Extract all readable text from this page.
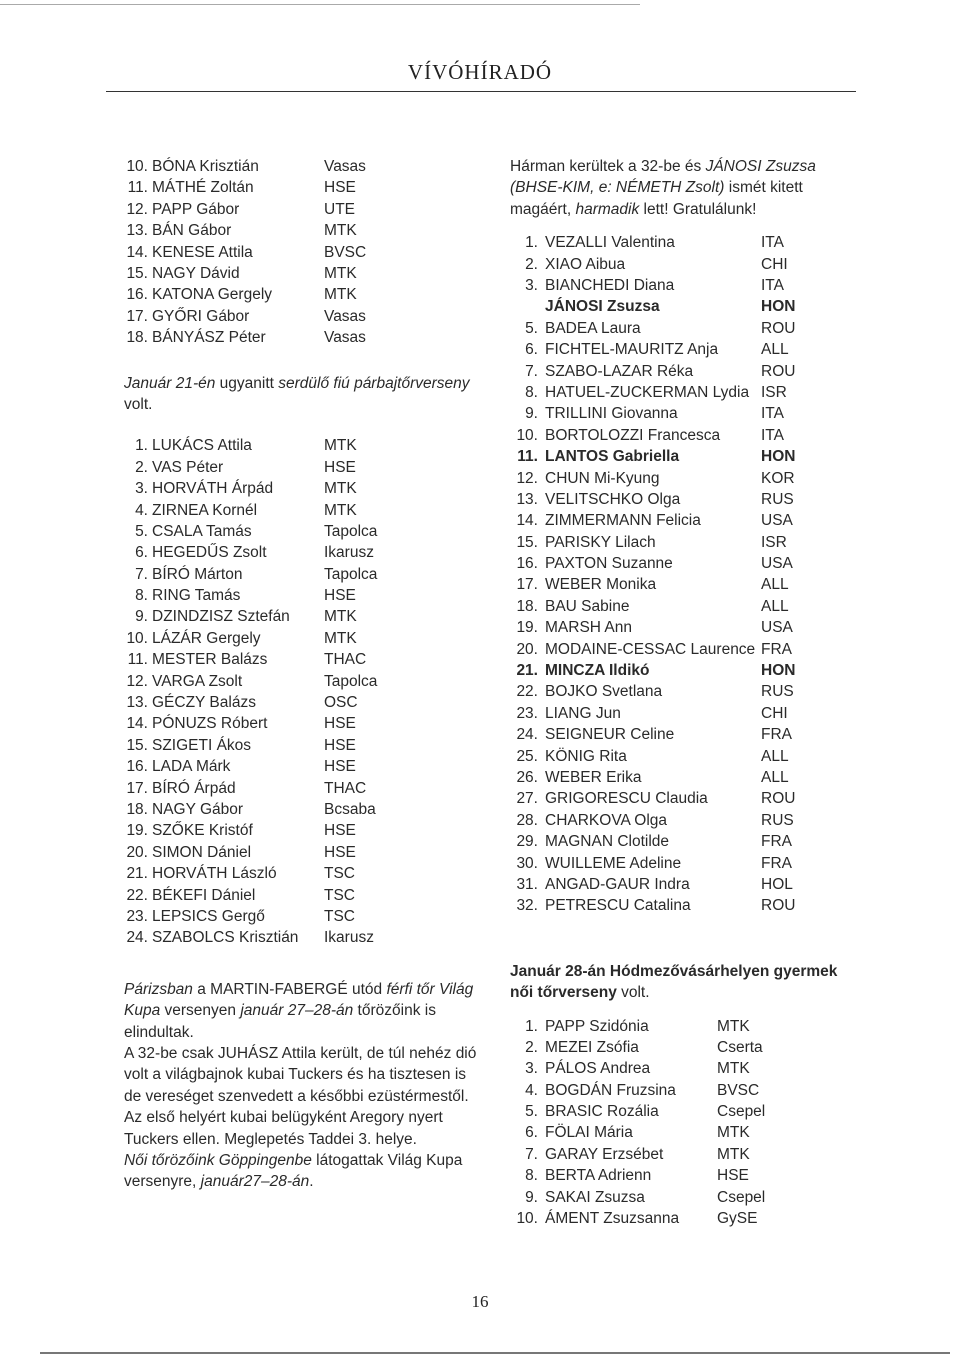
VÍVÓHÍRADÓ
10. BÓNA Krisztián	Vasas
11. MÁTHÉ Zoltán	HSE
12. PAPP Gábor	UTE
13. BÁN Gábor	MTK
14. KENESE Attila	BVSC
15. NAGY Dávid	MTK
16. KATONA Gergely	MTK
17. GYŐRI Gábor	Vasas
18. BÁNYÁSZ Péter	Vasas

Január 21-én ugyanitt serdülő fiú párbajtőrverseny volt.

1. LUKÁCS Attila	MTK
2. VAS Péter	HSE
3. HORVÁTH Árpád	MTK
4. ZIRNEA Kornél	MTK
5. CSALA Tamás	Tapolca
6. HEGEDŰS Zsolt	Ikarusz
7. BÍRÓ Márton	Tapolca
8. RING Tamás	HSE
9. DZINDZISZ Sztefán	MTK
10. LÁZÁR Gergely	MTK
11. MESTER Balázs	THAC
12. VARGA Zsolt	Tapolca
13. GÉCZY Balázs	OSC
14. PÓNUZS Róbert	HSE
15. SZIGETI Ákos	HSE
16. LADA Márk	HSE
17. BÍRÓ Árpád	THAC
18. NAGY Gábor	Bcsaba
19. SZŐKE Kristóf	HSE
20. SIMON Dániel	HSE
21. HORVÁTH László	TSC
22. BÉKEFI Dániel	TSC
23. LEPSICS Gergő	TSC
24. SZABOLCS Krisztián	Ikarusz

Párizsban a MARTIN-FABERGÉ utód férfi tőr Világ Kupa versenyen január 27–28-án tőrözőink is elindultak.

A 32-be csak JUHÁSZ Attila került, de túl nehéz dió volt a világbajnok kubai Tuckers és ha tisztesen is de vereséget szenvedett a későbbi ezüstérmestől.

Az első helyért kubai belügyként Aregory nyert Tuckers ellen. Meglepetés Taddei 3. helye.

Női tőrözőink Göppingenbe látogattak Világ Kupa versenyre, január27–28-án.

Hárman kerültek a 32-be és JÁNOSI Zsuzsa (BHSE-KIM, e: NÉMETH Zsolt) ismét kitett magáért, harmadik lett! Gratulálunk!

1. VEZALLI Valentina	ITA
2. XIAO Aibua	CHI
3. BIANCHEDI Diana	ITA
JÁNOSI Zsuzsa	HON
5. BADEA Laura	ROU
6. FICHTEL-MAURITZ Anja	ALL
7. SZABO-LAZAR Réka	ROU
8. HATUEL-ZUCKERMAN Lydia ISR
9. TRILLINI Giovanna	ITA
10. BORTOLOZZI Francesca	ITA
11. LANTOS Gabriella	HON
12. CHUN Mi-Kyung	KOR
13. VELITSCHKO Olga	RUS
14. ZIMMERMANN Felicia	USA
15. PARISKY Lilach	ISR
16. PAXTON Suzanne	USA
17. WEBER Monika	ALL
18. BAU Sabine	ALL
19. MARSH Ann	USA
20. MODAINE-CESSAC Laurence FRA
21. MINCZA Ildikó	HON
22. BOJKO Svetlana	RUS
23. LIANG Jun	CHI
24. SEIGNEUR Celine	FRA
25. KÖNIG Rita	ALL
26. WEBER Erika	ALL
27. GRIGORESCU Claudia	ROU
28. CHARKOVA Olga	RUS
29. MAGNAN Clotilde	FRA
30. WUILLEME Adeline	FRA
31. ANGAD-GAUR Indra	HOL
32. PETRESCU Catalina	ROU

Január 28-án Hódmezővásárhelyen gyermek női tőrverseny volt.

1. PAPP Szidónia	MTK
2. MEZEI Zsófia	Cserta
3. PÁLOS Andrea	MTK
4. BOGDÁN Fruzsina	BVSC
5. BRASIC Rozália	Csepel
6. FÖLAI Mária	MTK
7. GARAY Erzsébet	MTK
8. BERTA Adrienn	HSE
9. SAKAI Zsuzsa	Csepel
10. ÁMENT Zsuzsanna	GySE
16
